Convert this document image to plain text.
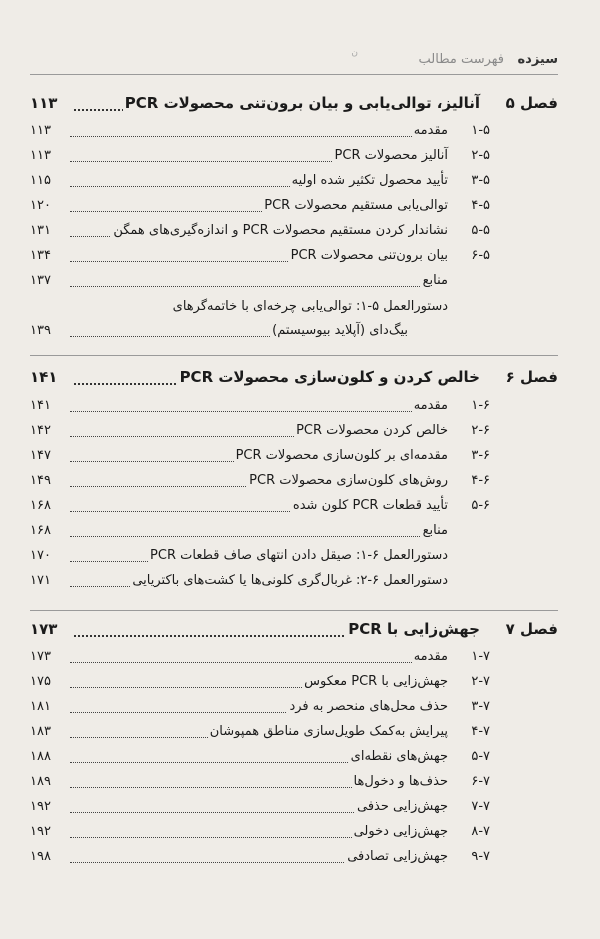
سیزده
فهرست مطالب
ن
فصل ۵
آنالیز، توالی‌یابی و بیان برون‌تنی محصولات PCR
۱۱۳
۱-۵
مقدمه
۱۱۳
۲-۵
آنالیز محصولات PCR
۱۱۳
۳-۵
تأیید محصول تکثیر شده اولیه
۱۱۵
۴-۵
توالی‌یابی مستقیم محصولات PCR
۱۲۰
۵-۵
نشاندار کردن مستقیم محصولات PCR و اندازه‌گیری‌های همگن
۱۳۱
۶-۵
بیان برون‌تنی محصولات PCR
۱۳۴
منابع
۱۳۷
دستورالعمل ۵-۱: توالی‌یابی چرخه‌ای با خاتمه‌گرهای
بیگ‌دای (آپلاید بیوسیستم)
۱۳۹
فصل ۶
خالص کردن و کلون‌سازی محصولات PCR
۱۴۱
۱-۶
مقدمه
۱۴۱
۲-۶
خالص کردن محصولات PCR
۱۴۲
۳-۶
مقدمه‌ای بر کلون‌سازی محصولات PCR
۱۴۷
۴-۶
روش‌های کلون‌سازی محصولات PCR
۱۴۹
۵-۶
تأیید قطعات PCR کلون شده
۱۶۸
منابع
۱۶۸
دستورالعمل ۶-۱: صیقل دادن انتهای صاف قطعات PCR
۱۷۰
دستورالعمل ۶-۲: غربال‌گری کلونی‌ها یا کشت‌های باکتریایی
۱۷۱
فصل ۷
جهش‌زایی با PCR
۱۷۳
۱-۷
مقدمه
۱۷۳
۲-۷
جهش‌زایی با PCR معکوس
۱۷۵
۳-۷
حذف محل‌های منحصر به فرد
۱۸۱
۴-۷
پیرایش به‌کمک طویل‌سازی مناطق همپوشان
۱۸۳
۵-۷
جهش‌های نقطه‌ای
۱۸۸
۶-۷
حذف‌ها و دخول‌ها
۱۸۹
۷-۷
جهش‌زایی حذفی
۱۹۲
۸-۷
جهش‌زایی دخولی
۱۹۲
۹-۷
جهش‌زایی تصادفی
۱۹۸
